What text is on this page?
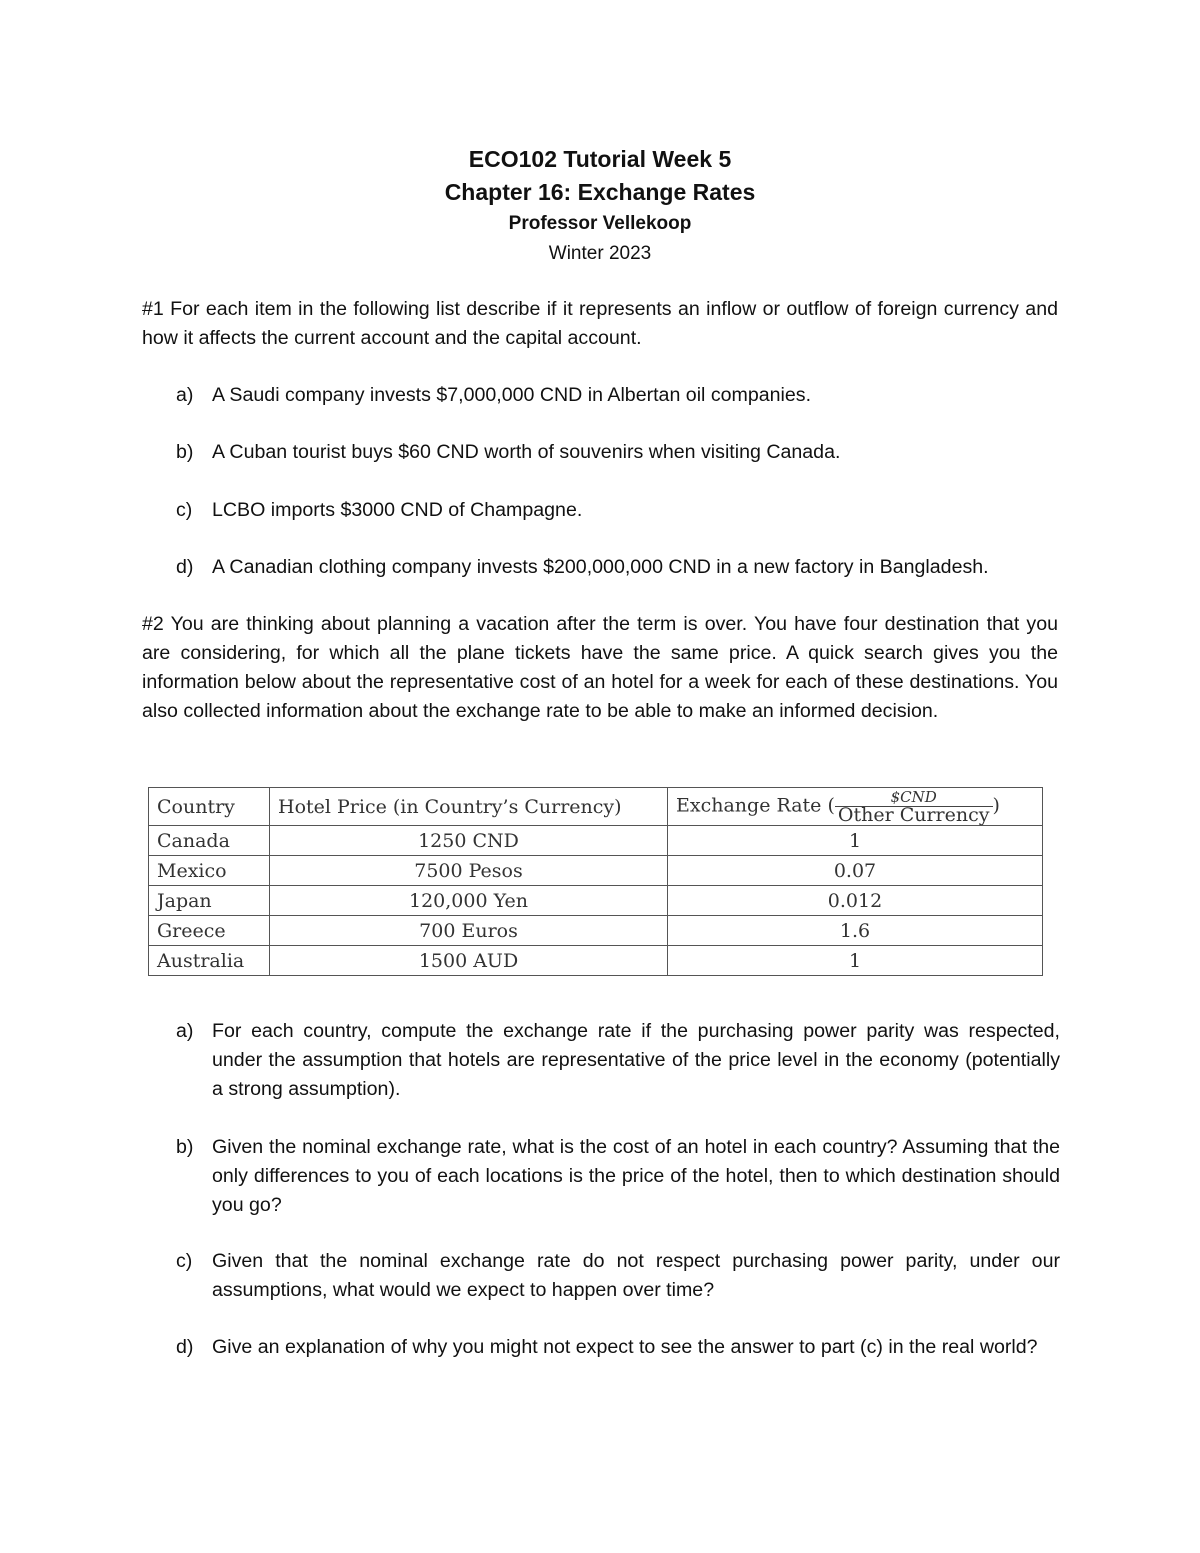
ECO102 Tutorial Week 5
Chapter 16: Exchange Rates
Professor Vellekoop
Winter 2023
#1 For each item in the following list describe if it represents an inflow or outflow of foreign currency and how it affects the current account and the capital account.
a) A Saudi company invests $7,000,000 CND in Albertan oil companies.
b) A Cuban tourist buys $60 CND worth of souvenirs when visiting Canada.
c)	LCBO imports $3000 CND of Champagne.
d) A Canadian clothing company invests $200,000,000 CND in a new factory in Bangladesh.
#2 You are thinking about planning a vacation after the term is over. You have four destination that you are considering, for which all the plane tickets have the same price. A quick search gives you the information below about the representative cost of an hotel for a week for each of these destinations. You also collected information about the exchange rate to be able to make an informed decision.
Country	Hotel Price (in Country’s Currency)	Exchange Rate ( $\frac{\text{\$CND}}{\text{Other Currency}}$ )
Canada	1250 CND	1
Mexico	7500 Pesos	0.07
Japan	120,000 Yen	0.012
Greece	700 Euros	1.6
Australia	1500 AUD	1
a) For each country, compute the exchange rate if the purchasing power parity was respected, under the assumption that hotels are representative of the price level in the economy (potentially a strong assumption).
b) Given the nominal exchange rate, what is the cost of an hotel in each country? Assuming that the only differences to you of each locations is the price of the hotel, then to which destination should you go?
c)	Given that the nominal exchange rate do not respect purchasing power parity, under our assumptions, what would we expect to happen over time?
d) Give an explanation of why you might not expect to see the answer to part (c) in the real world?
